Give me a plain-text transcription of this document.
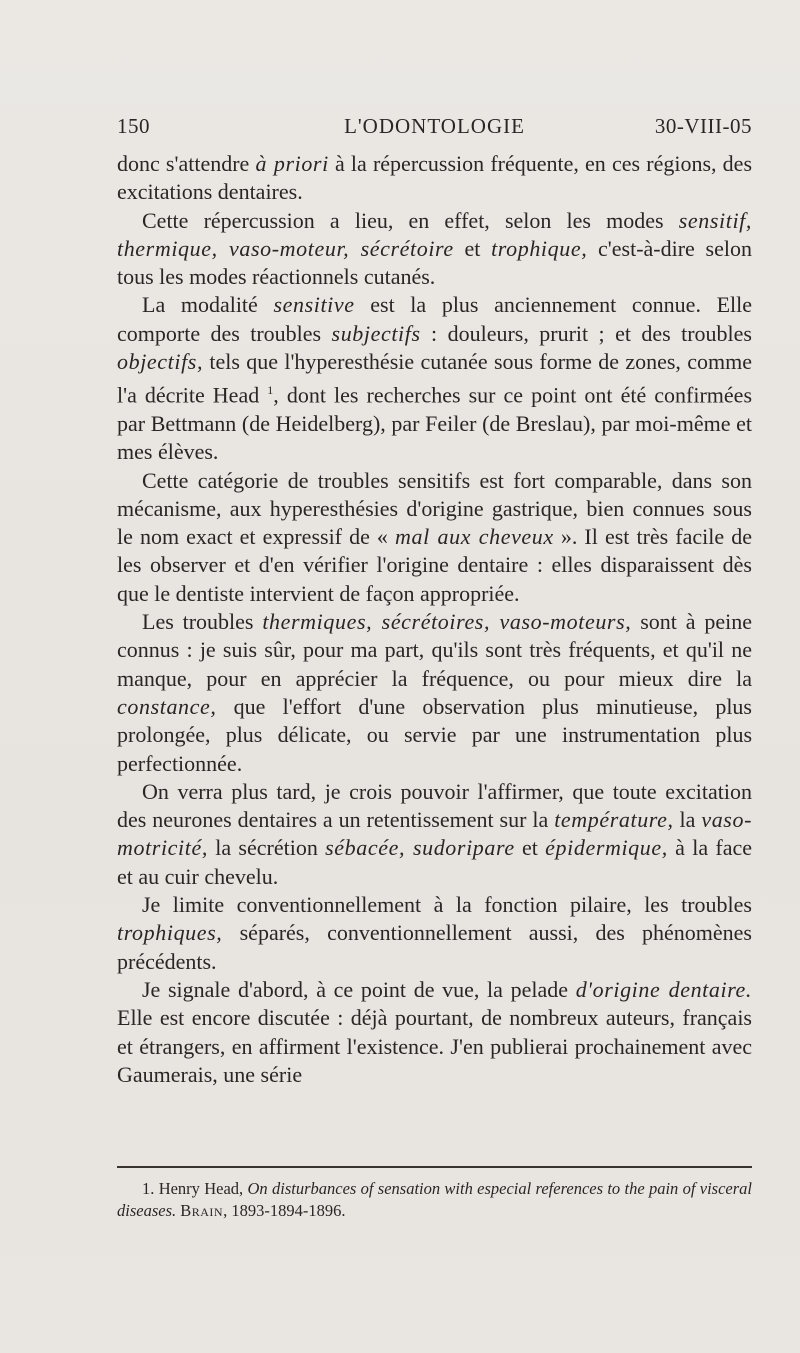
150	L'ODONTOLOGIE	30-VIII-05

donc s'attendre à priori à la répercussion fréquente, en ces régions, des excitations dentaires.

Cette répercussion a lieu, en effet, selon les modes sensitif, thermique, vaso-moteur, sécrétoire et trophique, c'est-à-dire selon tous les modes réactionnels cutanés.

La modalité sensitive est la plus anciennement connue. Elle comporte des troubles subjectifs : douleurs, prurit ; et des troubles objectifs, tels que l'hyperesthésie cutanée sous forme de zones, comme l'a décrite Head $^1$, dont les recherches sur ce point ont été confirmées par Bettmann (de Heidelberg), par Feiler (de Breslau), par moi-même et mes élèves.

Cette catégorie de troubles sensitifs est fort comparable, dans son mécanisme, aux hyperesthésies d'origine gastrique, bien connues sous le nom exact et expressif de « mal aux cheveux ». Il est très facile de les observer et d'en vérifier l'origine dentaire : elles disparaissent dès que le dentiste intervient de façon appropriée.

Les troubles thermiques, sécrétoires, vaso-moteurs, sont à peine connus : je suis sûr, pour ma part, qu'ils sont très fréquents, et qu'il ne manque, pour en apprécier la fréquence, ou pour mieux dire la constance, que l'effort d'une observation plus minutieuse, plus prolongée, plus délicate, ou servie par une instrumentation plus perfectionnée.

On verra plus tard, je crois pouvoir l'affirmer, que toute excitation des neurones dentaires a un retentissement sur la température, la vaso-motricité, la sécrétion sébacée, sudoripare et épidermique, à la face et au cuir chevelu.

Je limite conventionnellement à la fonction pilaire, les troubles trophiques, séparés, conventionnellement aussi, des phénomènes précédents.

Je signale d'abord, à ce point de vue, la pelade d'origine dentaire. Elle est encore discutée : déjà pourtant, de nombreux auteurs, français et étrangers, en affirment l'existence. J'en publierai prochainement avec Gaumerais, une série

1. Henry Head, On disturbances of sensation with especial references to the pain of visceral diseases. Brain, 1893-1894-1896.
